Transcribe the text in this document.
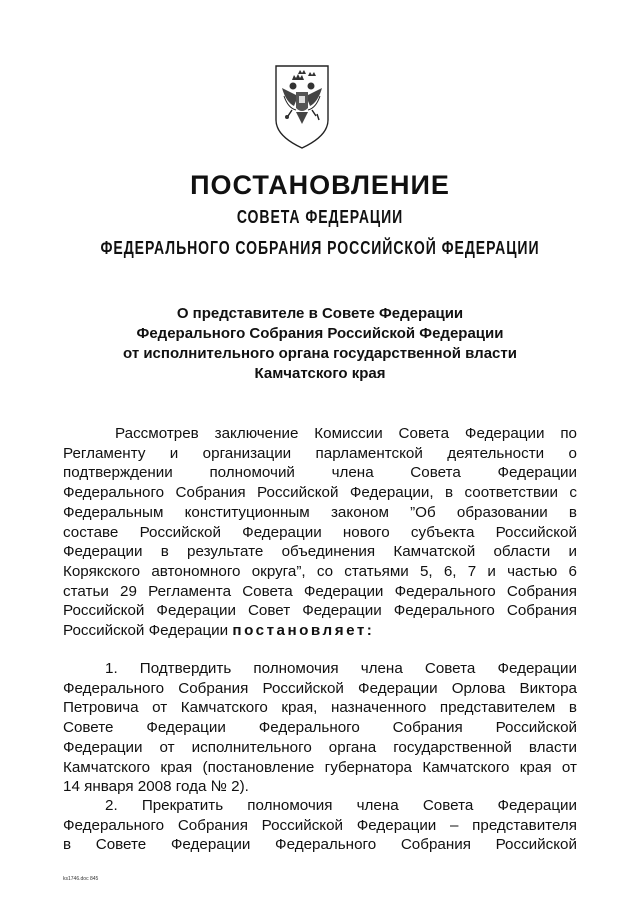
ПОСТАНОВЛЕНИЕ
СОВЕТА ФЕДЕРАЦИИ
ФЕДЕРАЛЬНОГО СОБРАНИЯ РОССИЙСКОЙ ФЕДЕРАЦИИ
О представителе в Совете Федерации
Федерального Собрания Российской Федерации
от исполнительного органа государственной власти
Камчатского края
Рассмотрев заключение Комиссии Совета Федерации по
Регламенту и организации парламентской деятельности о
подтверждении полномочий члена Совета Федерации
Федерального Собрания Российской Федерации, в соответствии с
Федеральным конституционным законом ”Об образовании в
составе Российской Федерации нового субъекта Российской
Федерации в результате объединения Камчатской области и
Корякского автономного округа”, со статьями 5, 6, 7 и частью 6
статьи 29 Регламента Совета Федерации Федерального Собрания
Российской Федерации Совет Федерации Федерального Собрания
Российской Федерации постановляет:
1. Подтвердить полномочия члена Совета Федерации
Федерального Собрания Российской Федерации Орлова Виктора
Петровича от Камчатского края, назначенного представителем в
Совете Федерации Федерального Собрания Российской
Федерации от исполнительного органа государственной власти
Камчатского края (постановление губернатора Камчатского края от
14 января 2008 года № 2).
2. Прекратить полномочия члена Совета Федерации
Федерального Собрания Российской Федерации – представителя
в Совете Федерации Федерального Собрания Российской
ks1746.doc 845
